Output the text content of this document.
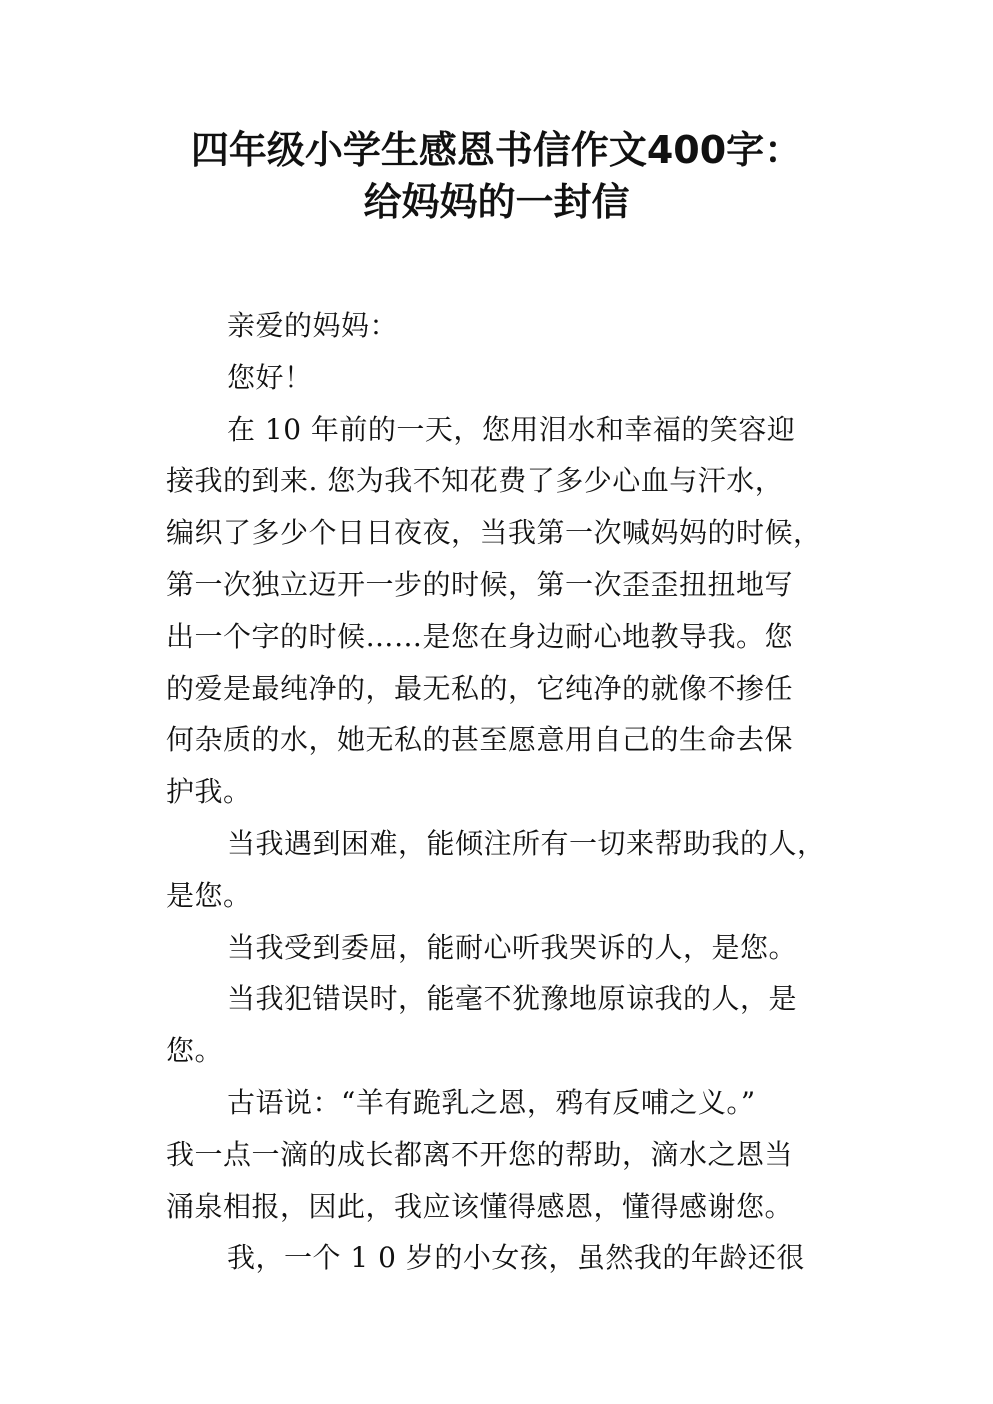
四年级小学生感恩书信作文400字：
给妈妈的一封信
亲爱的妈妈：
您好！
在 10 年前的一天，您用泪水和幸福的笑容迎
接我的到来. 您为我不知花费了多少心血与汗水，
编织了多少个日日夜夜，当我第一次喊妈妈的时候，
第一次独立迈开一步的时候，第一次歪歪扭扭地写
出一个字的时候……是您在身边耐心地教导我。您
的爱是最纯净的，最无私的，它纯净的就像不掺任
何杂质的水，她无私的甚至愿意用自己的生命去保
护我。
当我遇到困难，能倾注所有一切来帮助我的人，
是您。
当我受到委屈，能耐心听我哭诉的人，是您。
当我犯错误时，能毫不犹豫地原谅我的人，是
您。
古语说：“羊有跪乳之恩，鸦有反哺之义。”
我一点一滴的成长都离不开您的帮助，滴水之恩当
涌泉相报，因此，我应该懂得感恩，懂得感谢您。
我，一个 1 0 岁的小女孩，虽然我的年龄还很
